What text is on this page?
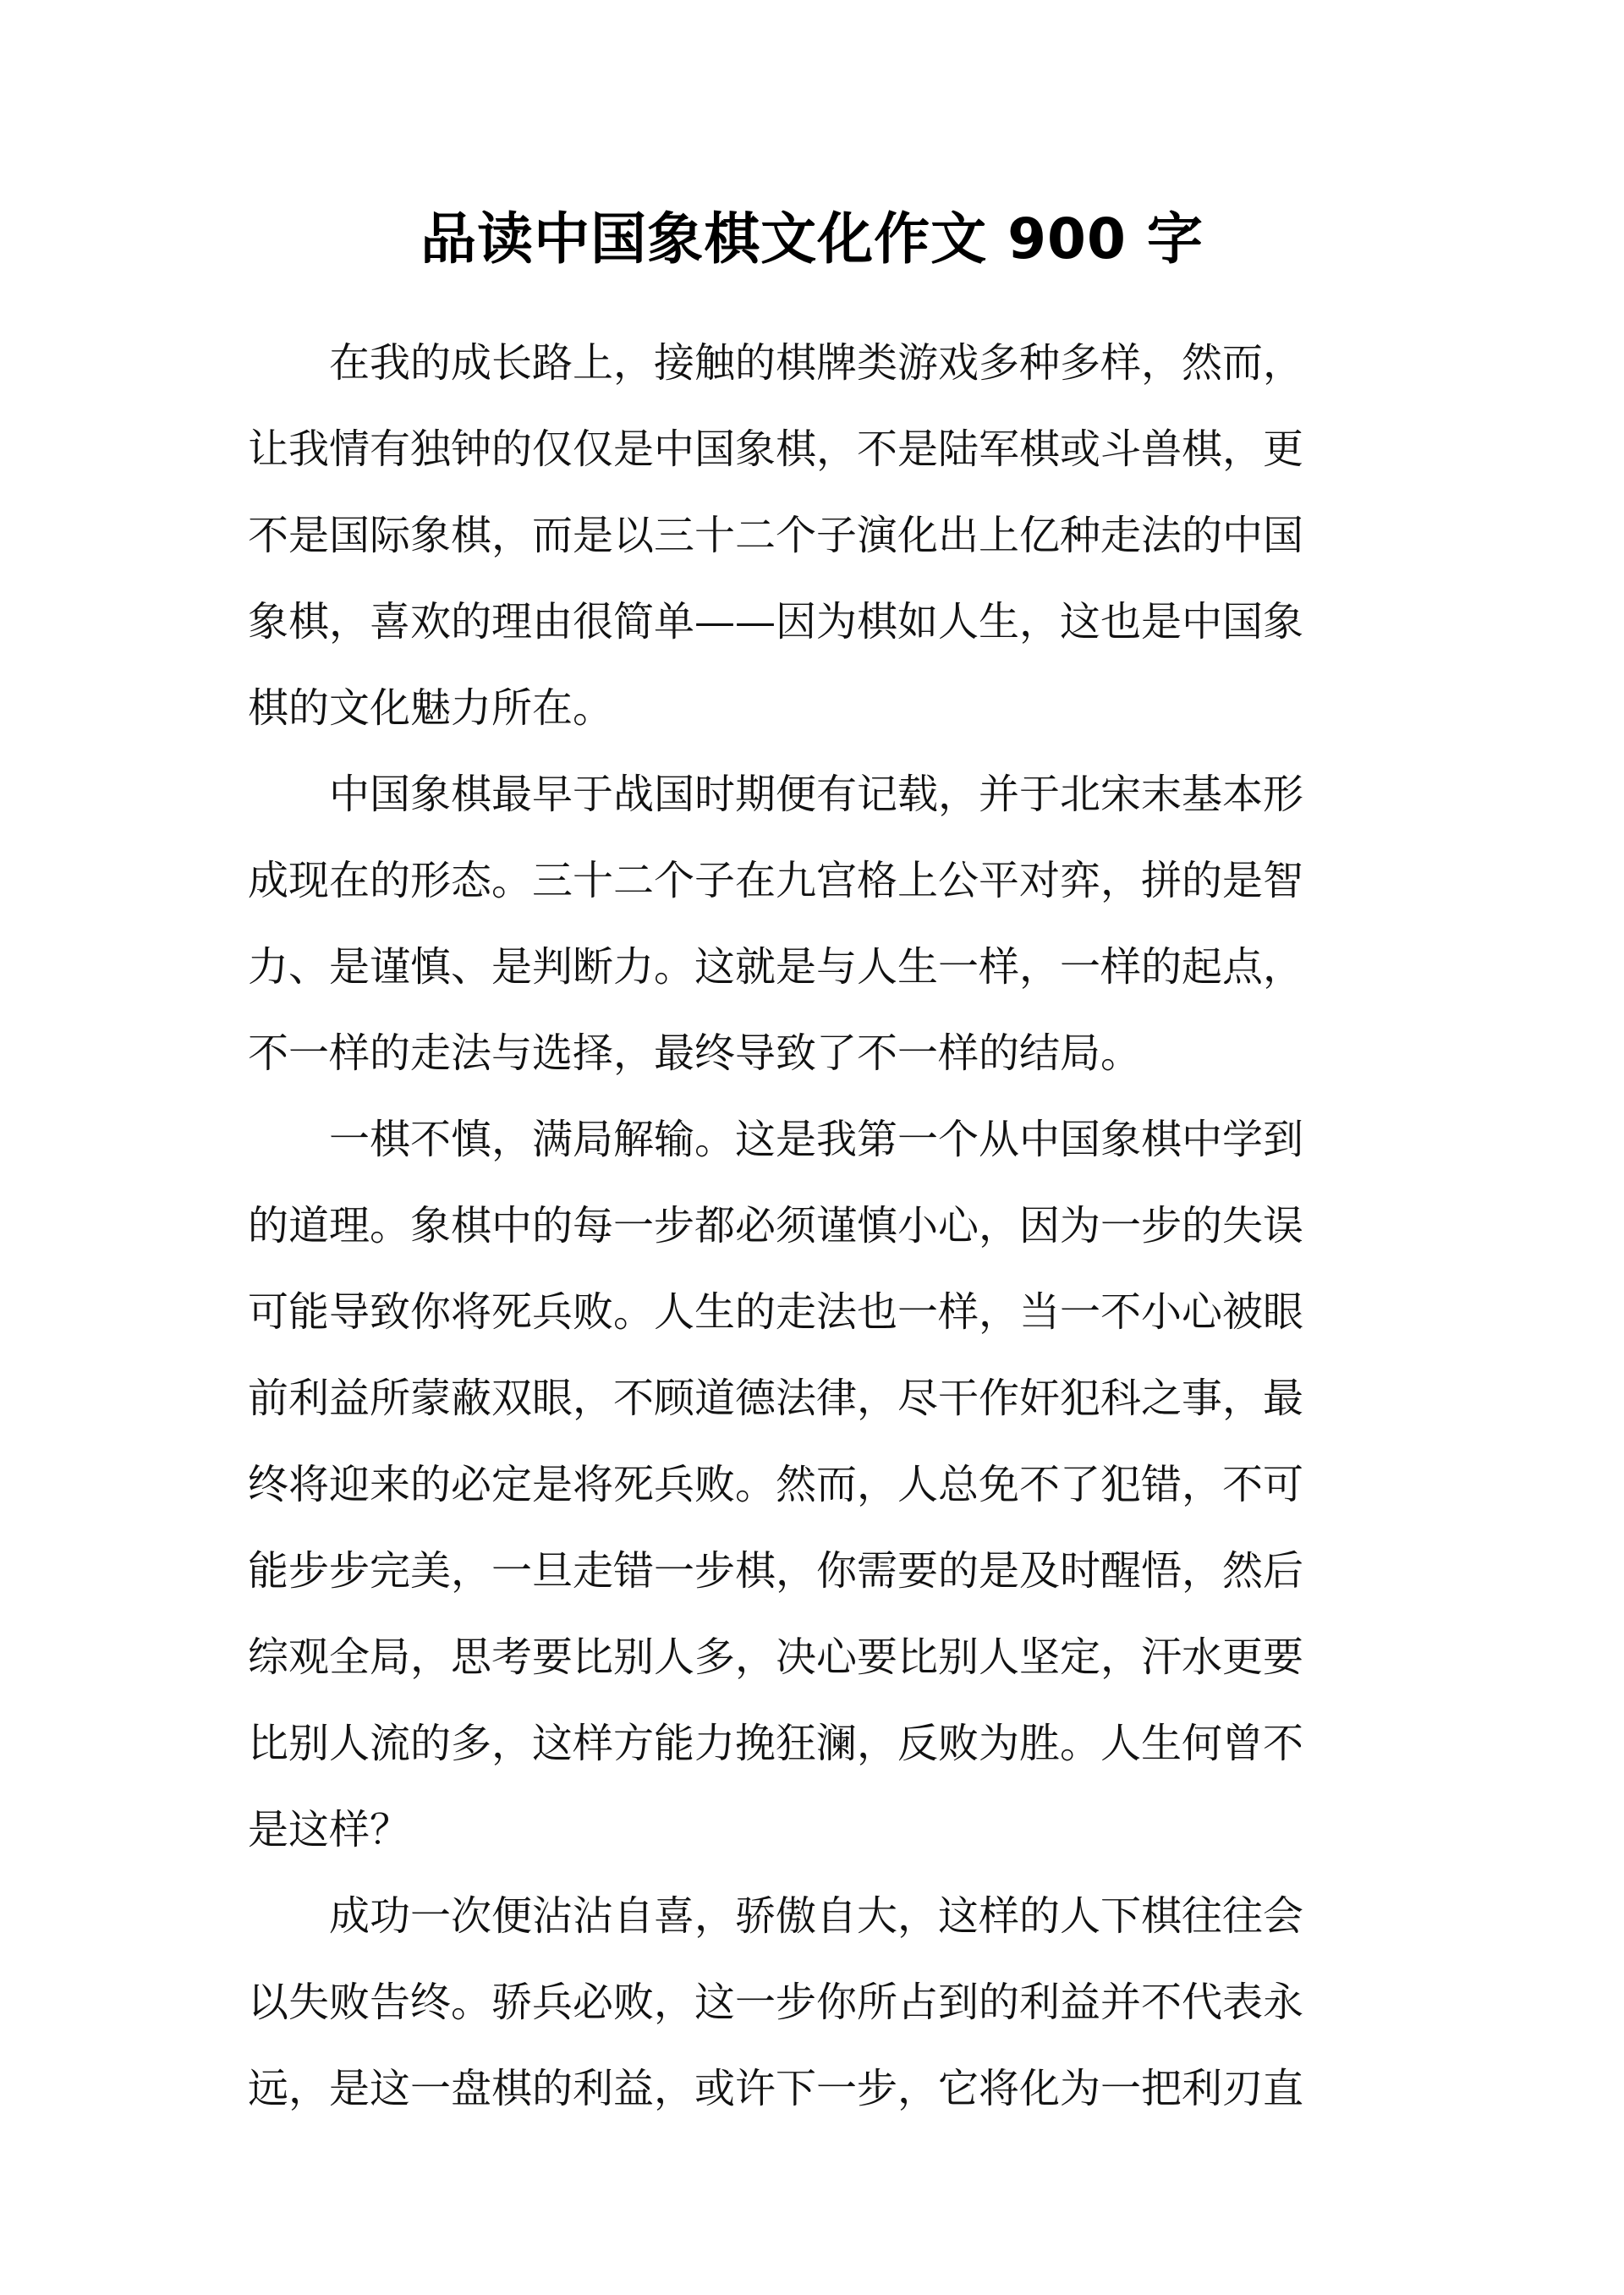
品读中国象棋文化作文 900 字

在我的成长路上，接触的棋牌类游戏多种多样，然而，
让我情有独钟的仅仅是中国象棋，不是陆军棋或斗兽棋，更
不是国际象棋，而是以三十二个子演化出上亿种走法的中国
象棋，喜欢的理由很简单——因为棋如人生，这也是中国象
棋的文化魅力所在。

中国象棋最早于战国时期便有记载，并于北宋末基本形
成现在的形态。三十二个子在九宫格上公平对弈，拼的是智
力、是谨慎、是判断力。这就是与人生一样，一样的起点，
不一样的走法与选择，最终导致了不一样的结局。

一棋不慎，满局解输。这是我第一个从中国象棋中学到
的道理。象棋中的每一步都必须谨慎小心，因为一步的失误
可能导致你将死兵败。人生的走法也一样，当一不小心被眼
前利益所蒙蔽双眼，不顾道德法律，尽干作奸犯科之事，最
终将迎来的必定是将死兵败。然而，人总免不了犯错，不可
能步步完美，一旦走错一步棋，你需要的是及时醒悟，然后
综观全局，思考要比别人多，决心要比别人坚定，汗水更要
比别人流的多，这样方能力挽狂澜，反败为胜。人生何曾不
是这样？

成功一次便沾沾自喜，骄傲自大，这样的人下棋往往会
以失败告终。骄兵必败，这一步你所占到的利益并不代表永
远，是这一盘棋的利益，或许下一步，它将化为一把利刃直
